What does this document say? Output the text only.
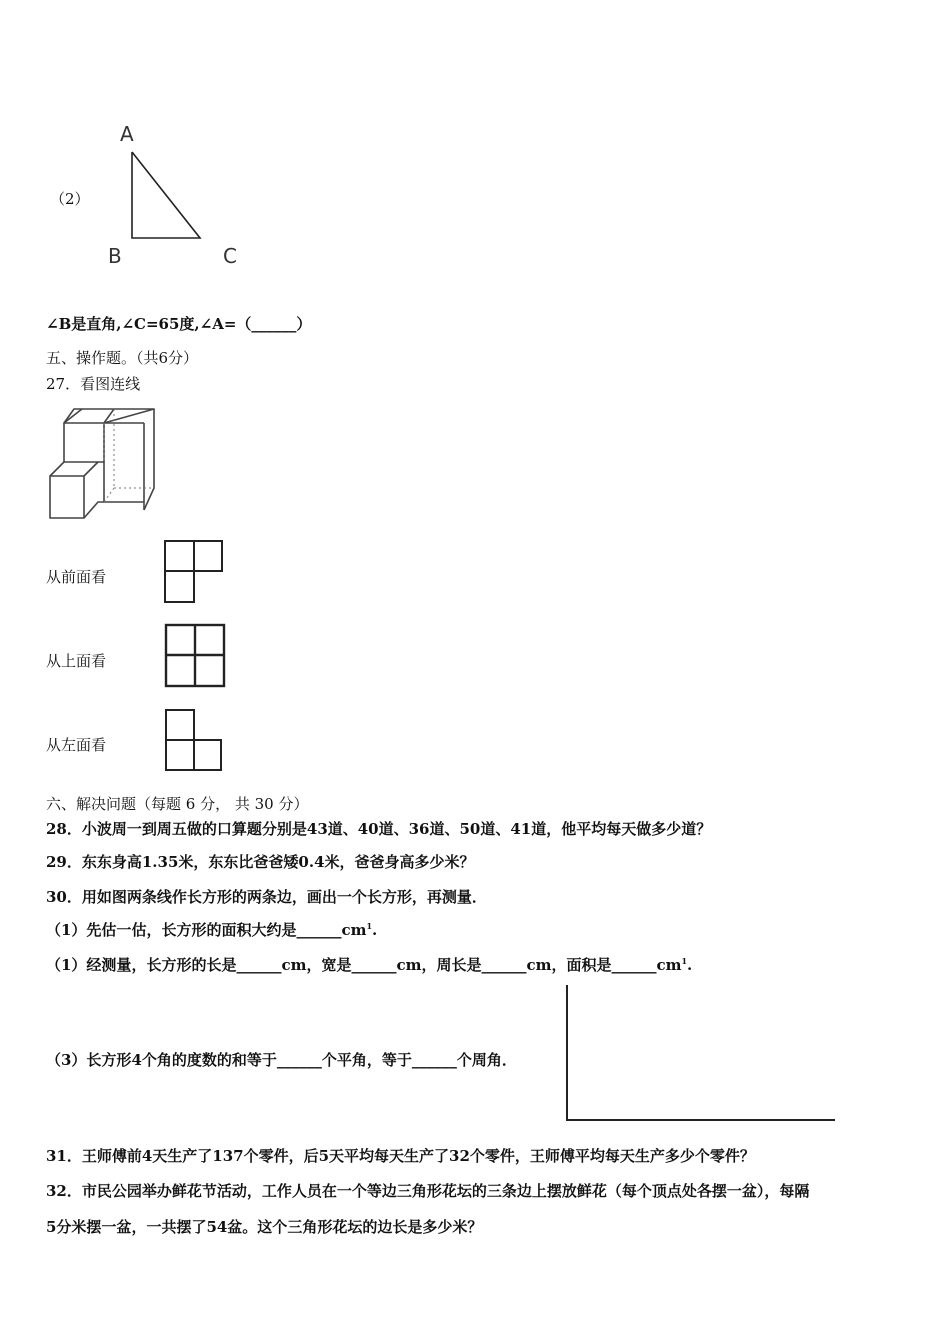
（2）
A
B	C
∠B是直角,∠C=65度,∠A=（______）
五、操作题。（共6分）
27．看图连线
从前面看
从上面看
从左面看
六、解决问题（每题 6 分， 共 30 分）
28．小波周一到周五做的口算题分别是43道、40道、36道、50道、41道，他平均每天做多少道？
29．东东身高1.35米，东东比爸爸矮0.4米，爸爸身高多少米？
30．用如图两条线作长方形的两条边，画出一个长方形，再测量．
（1）先估一估，长方形的面积大约是$\_\_\_\_\_\_cm^1$.
（1）经测量，长方形的长是______cm，宽是______cm，周长是______cm，面积是$\_\_\_\_\_\_cm^1$.
（3）长方形4个角的度数的和等于______个平角，等于______个周角．
31．王师傅前4天生产了137个零件，后5天平均每天生产了32个零件，王师傅平均每天生产多少个零件？
32．市民公园举办鲜花节活动，工作人员在一个等边三角形花坛的三条边上摆放鲜花（每个顶点处各摆一盆），每隔
5分米摆一盆，一共摆了54盆。这个三角形花坛的边长是多少米？
